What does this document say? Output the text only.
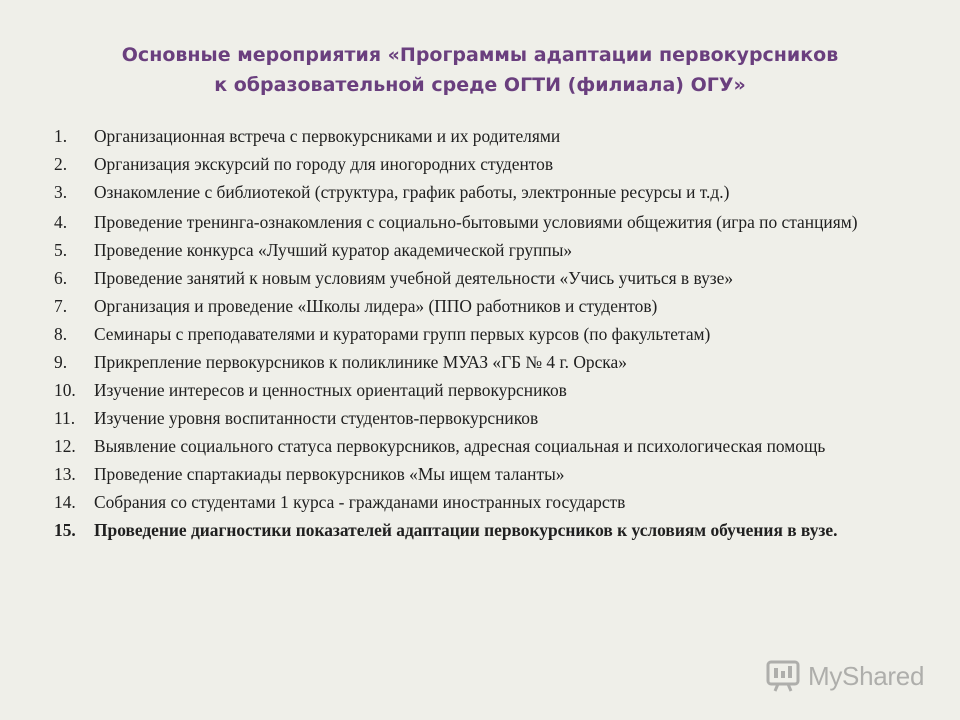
Основные мероприятия «Программы адаптации первокурсников
к образовательной среде ОГТИ (филиала) ОГУ»
1.	Организационная встреча с первокурсниками и их родителями
2.	Организация экскурсий по городу для иногородних студентов
3.	Ознакомление с библиотекой (структура, график работы, электронные ресурсы и т.д.)
4.	Проведение тренинга-ознакомления с социально-бытовыми условиями общежития (игра по станциям)
5.	Проведение конкурса «Лучший куратор академической группы»
6.	Проведение занятий к новым условиям учебной деятельности «Учись учиться в вузе»
7.	Организация и проведение «Школы лидера» (ППО работников и студентов)
8.	Семинары с преподавателями и кураторами групп первых курсов (по факультетам)
9.	Прикрепление первокурсников к поликлинике МУАЗ «ГБ № 4 г. Орска»
10.	Изучение интересов и ценностных ориентаций первокурсников
11.	Изучение уровня воспитанности студентов-первокурсников
12.	Выявление социального статуса первокурсников, адресная социальная и психологическая помощь
13.	Проведение спартакиады первокурсников «Мы ищем таланты»
14.	Собрания со студентами 1 курса - гражданами иностранных государств
15.	Проведение диагностики показателей адаптации первокурсников к условиям обучения в вузе.
MyShared
